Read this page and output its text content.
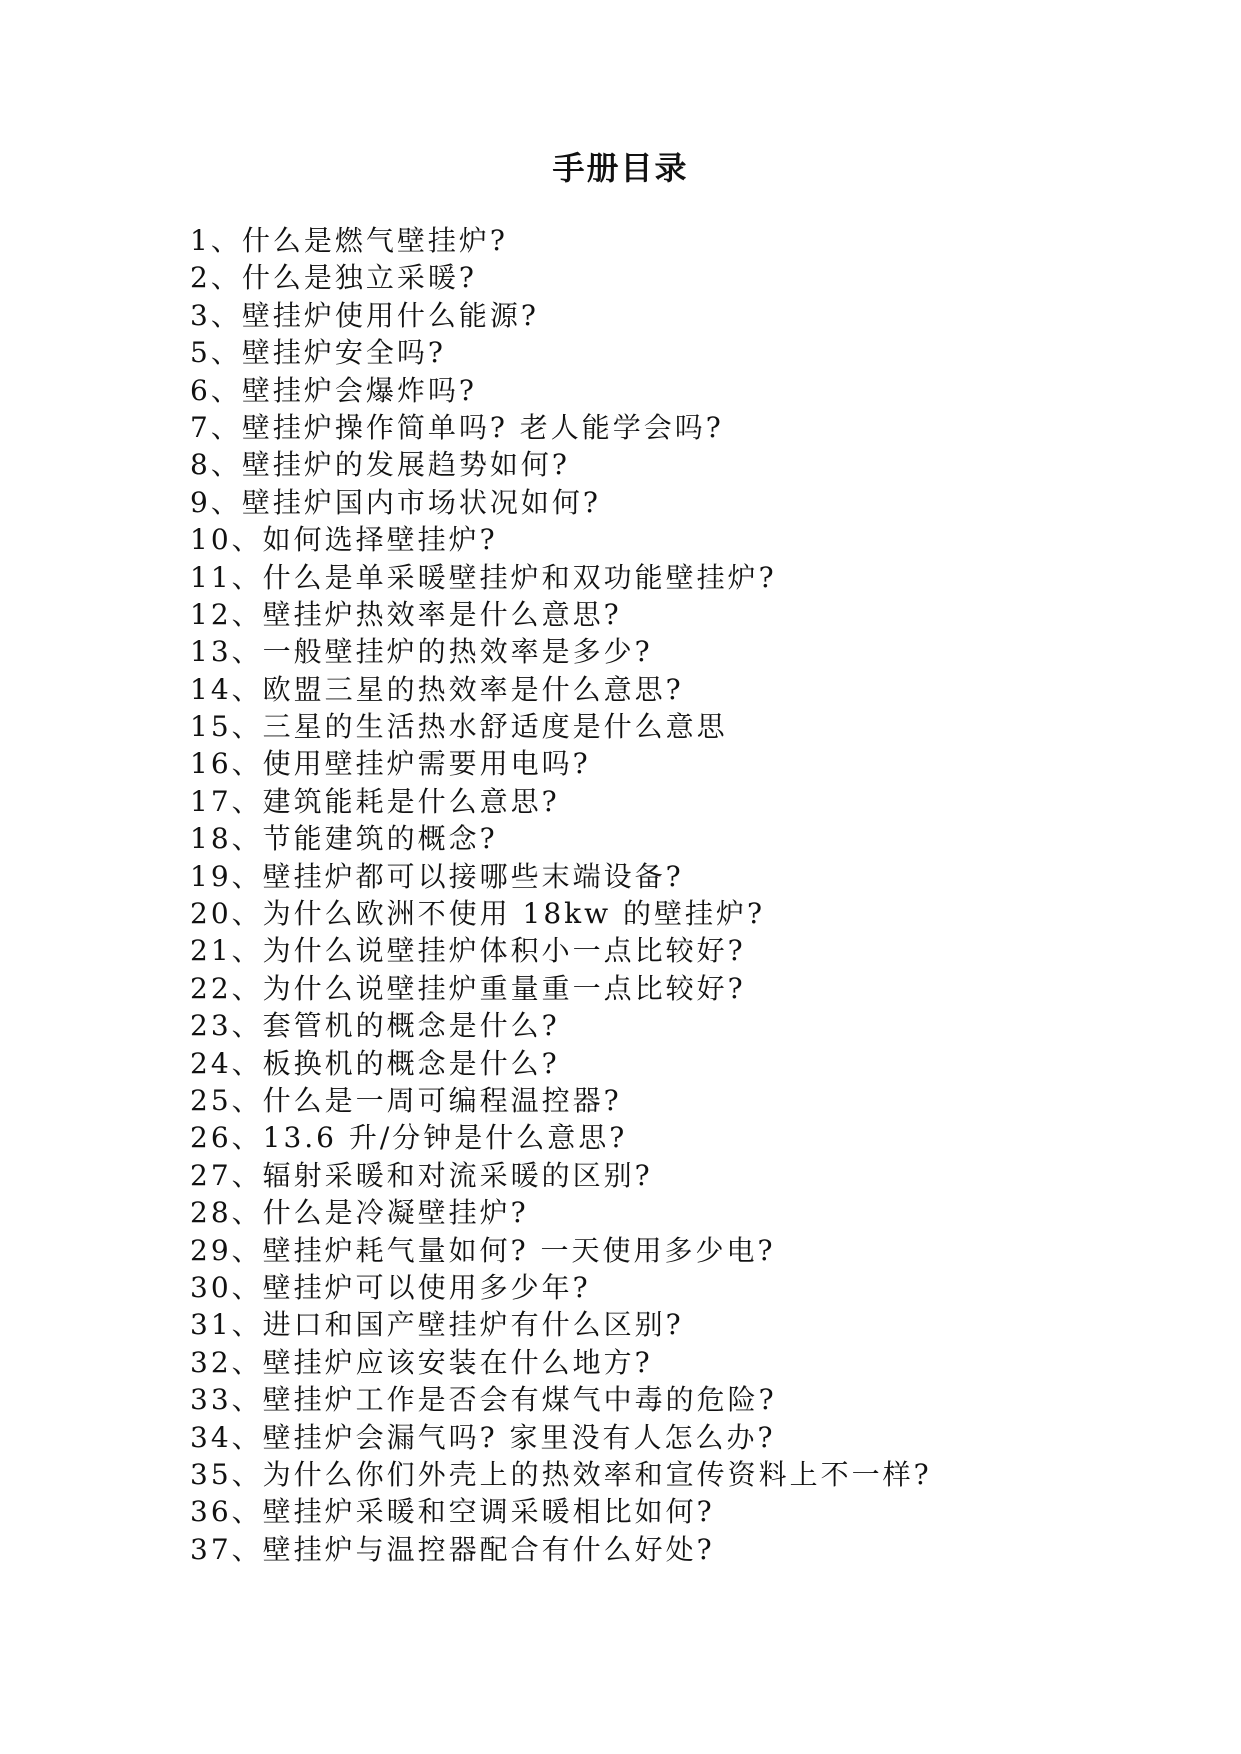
手册目录
1、什么是燃气壁挂炉?
2、什么是独立采暖?
3、壁挂炉使用什么能源?
5、壁挂炉安全吗?
6、壁挂炉会爆炸吗?
7、壁挂炉操作简单吗? 老人能学会吗?
8、壁挂炉的发展趋势如何?
9、壁挂炉国内市场状况如何?
10、如何选择壁挂炉?
11、什么是单采暖壁挂炉和双功能壁挂炉?
12、壁挂炉热效率是什么意思?
13、一般壁挂炉的热效率是多少?
14、欧盟三星的热效率是什么意思?
15、三星的生活热水舒适度是什么意思
16、使用壁挂炉需要用电吗?
17、建筑能耗是什么意思?
18、节能建筑的概念?
19、壁挂炉都可以接哪些末端设备?
20、为什么欧洲不使用 18kw 的壁挂炉?
21、为什么说壁挂炉体积小一点比较好?
22、为什么说壁挂炉重量重一点比较好?
23、套管机的概念是什么?
24、板换机的概念是什么?
25、什么是一周可编程温控器?
26、13.6 升/分钟是什么意思?
27、辐射采暖和对流采暖的区别?
28、什么是冷凝壁挂炉?
29、壁挂炉耗气量如何? 一天使用多少电?
30、壁挂炉可以使用多少年?
31、进口和国产壁挂炉有什么区别?
32、壁挂炉应该安装在什么地方?
33、壁挂炉工作是否会有煤气中毒的危险?
34、壁挂炉会漏气吗? 家里没有人怎么办?
35、为什么你们外壳上的热效率和宣传资料上不一样?
36、壁挂炉采暖和空调采暖相比如何?
37、壁挂炉与温控器配合有什么好处?
